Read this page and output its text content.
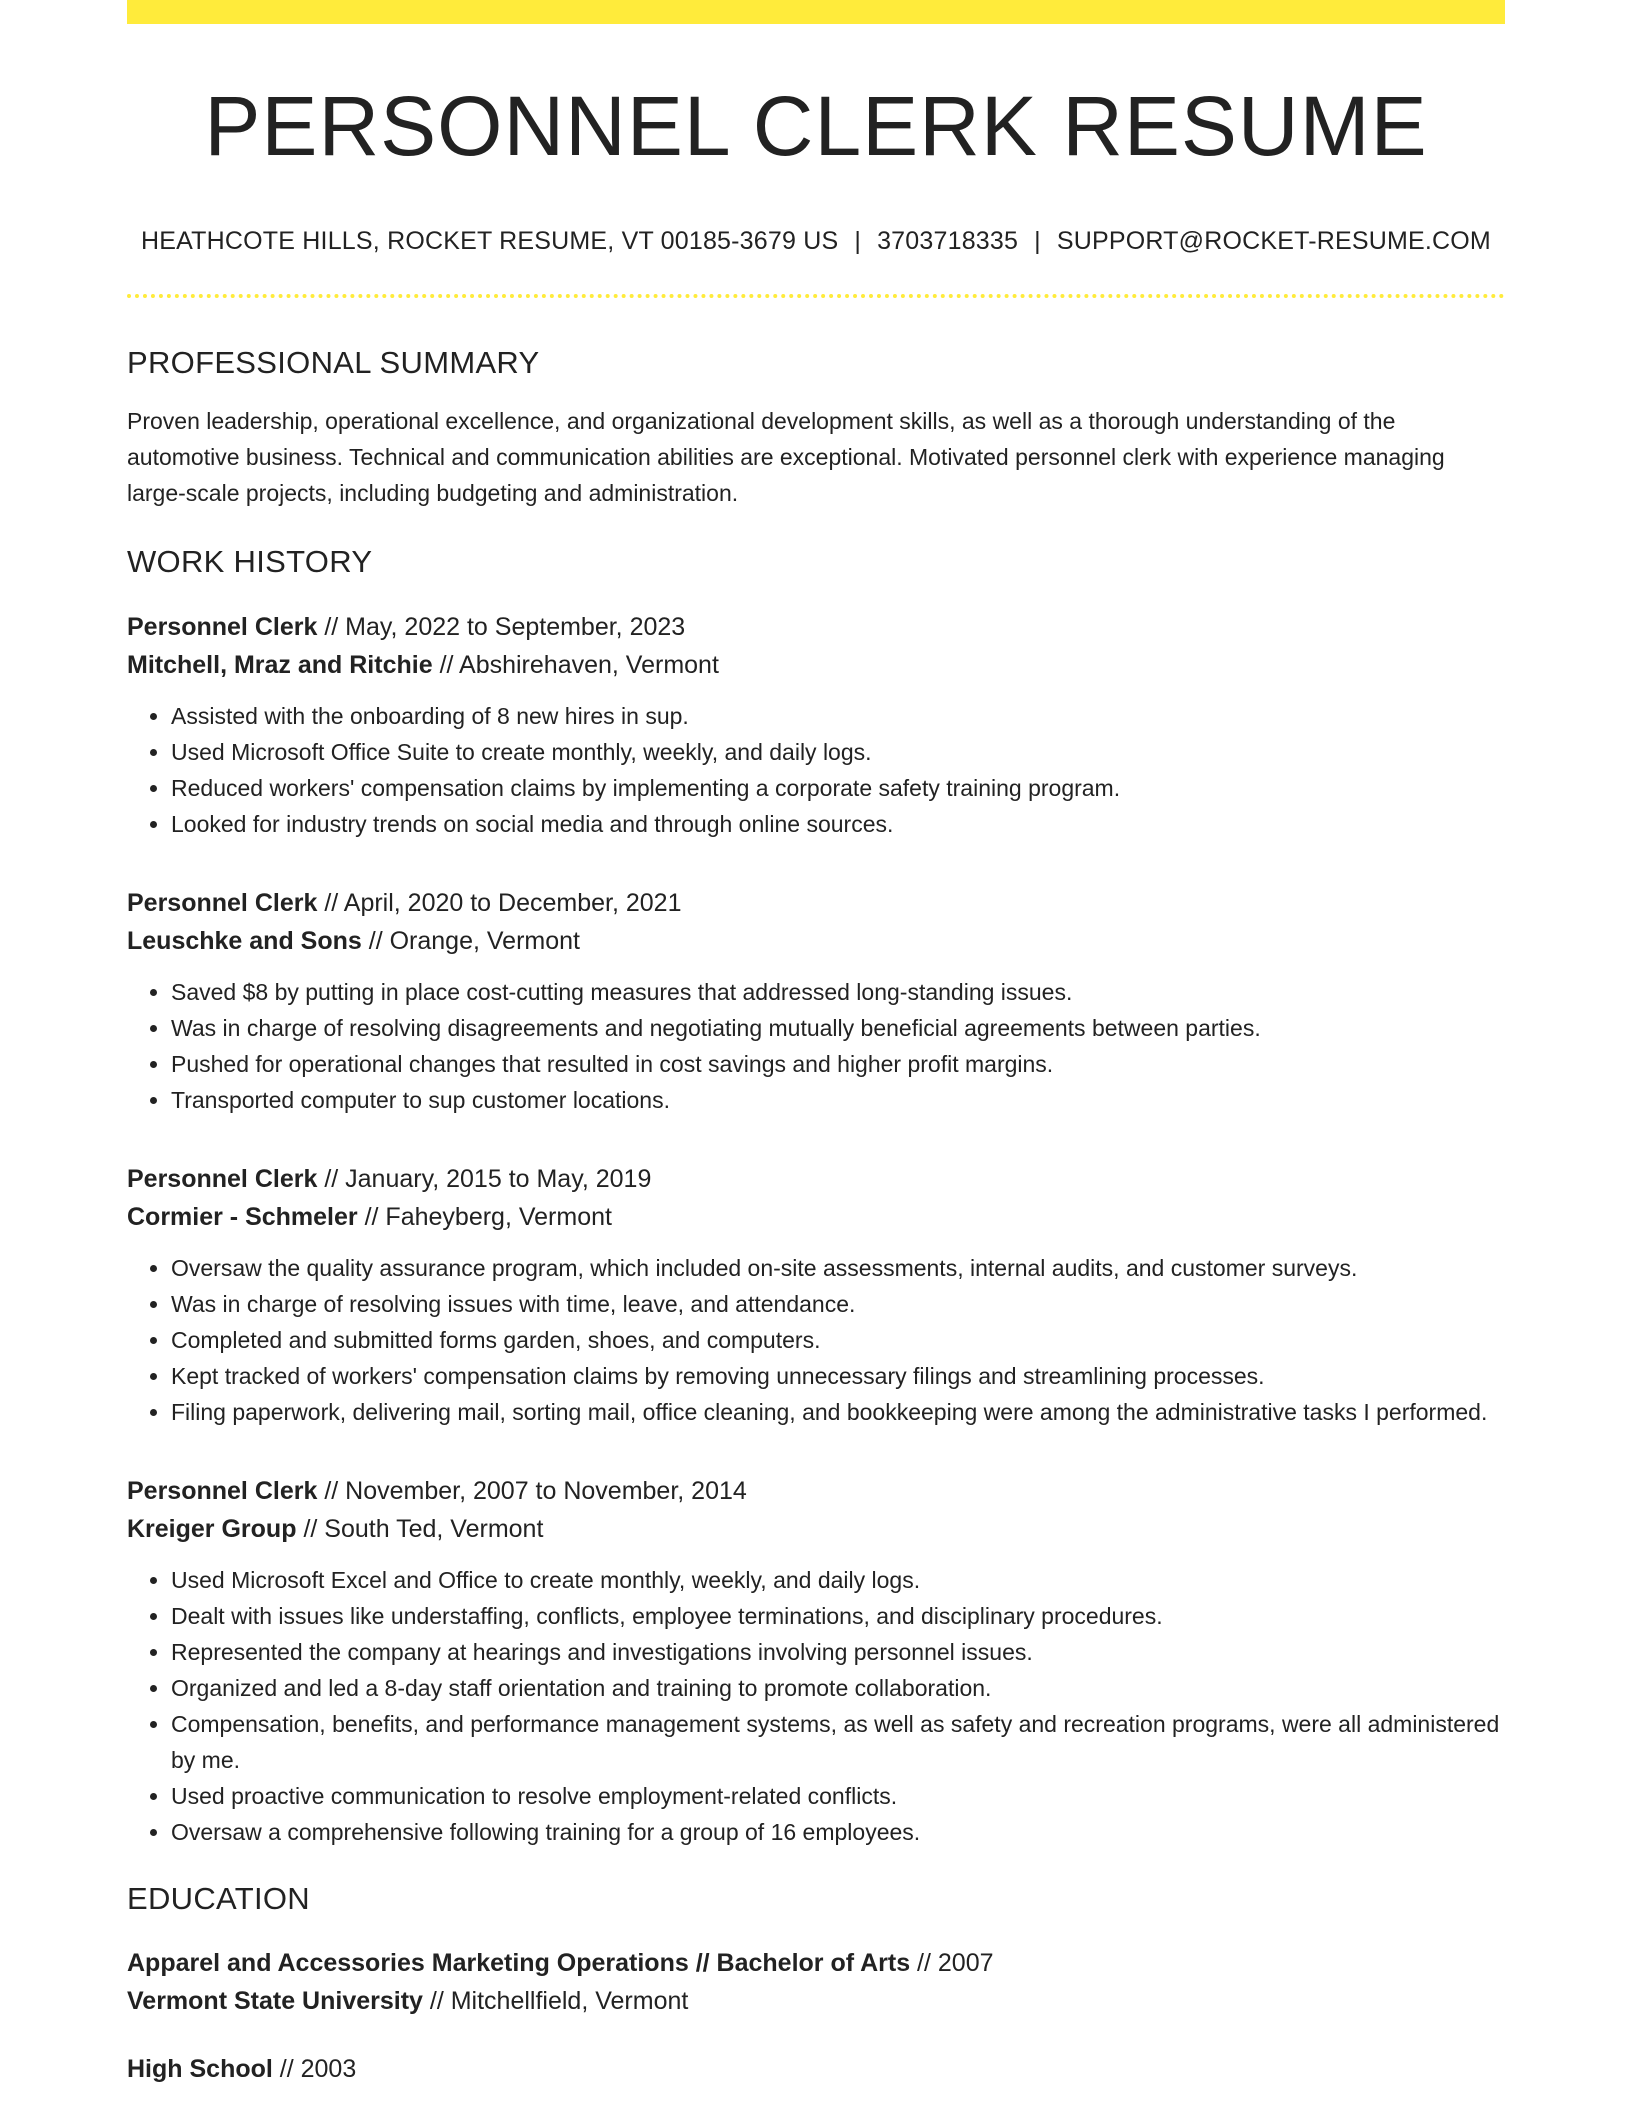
PERSONNEL CLERK RESUME
HEATHCOTE HILLS, ROCKET RESUME, VT 00185-3679 US | 3703718335 | SUPPORT@ROCKET-RESUME.COM
PROFESSIONAL SUMMARY
Proven leadership, operational excellence, and organizational development skills, as well as a thorough understanding of the automotive business. Technical and communication abilities are exceptional. Motivated personnel clerk with experience managing large-scale projects, including budgeting and administration.
WORK HISTORY
Personnel Clerk // May, 2022 to September, 2023
Mitchell, Mraz and Ritchie // Abshirehaven, Vermont
• Assisted with the onboarding of 8 new hires in sup.
• Used Microsoft Office Suite to create monthly, weekly, and daily logs.
• Reduced workers' compensation claims by implementing a corporate safety training program.
• Looked for industry trends on social media and through online sources.
Personnel Clerk // April, 2020 to December, 2021
Leuschke and Sons // Orange, Vermont
• Saved $8 by putting in place cost-cutting measures that addressed long-standing issues.
• Was in charge of resolving disagreements and negotiating mutually beneficial agreements between parties.
• Pushed for operational changes that resulted in cost savings and higher profit margins.
• Transported computer to sup customer locations.
Personnel Clerk // January, 2015 to May, 2019
Cormier - Schmeler // Faheyberg, Vermont
• Oversaw the quality assurance program, which included on-site assessments, internal audits, and customer surveys.
• Was in charge of resolving issues with time, leave, and attendance.
• Completed and submitted forms garden, shoes, and computers.
• Kept tracked of workers' compensation claims by removing unnecessary filings and streamlining processes.
• Filing paperwork, delivering mail, sorting mail, office cleaning, and bookkeeping were among the administrative tasks I performed.
Personnel Clerk // November, 2007 to November, 2014
Kreiger Group // South Ted, Vermont
• Used Microsoft Excel and Office to create monthly, weekly, and daily logs.
• Dealt with issues like understaffing, conflicts, employee terminations, and disciplinary procedures.
• Represented the company at hearings and investigations involving personnel issues.
• Organized and led a 8-day staff orientation and training to promote collaboration.
• Compensation, benefits, and performance management systems, as well as safety and recreation programs, were all administered by me.
• Used proactive communication to resolve employment-related conflicts.
• Oversaw a comprehensive following training for a group of 16 employees.
EDUCATION
Apparel and Accessories Marketing Operations // Bachelor of Arts // 2007
Vermont State University // Mitchellfield, Vermont
High School // 2003
